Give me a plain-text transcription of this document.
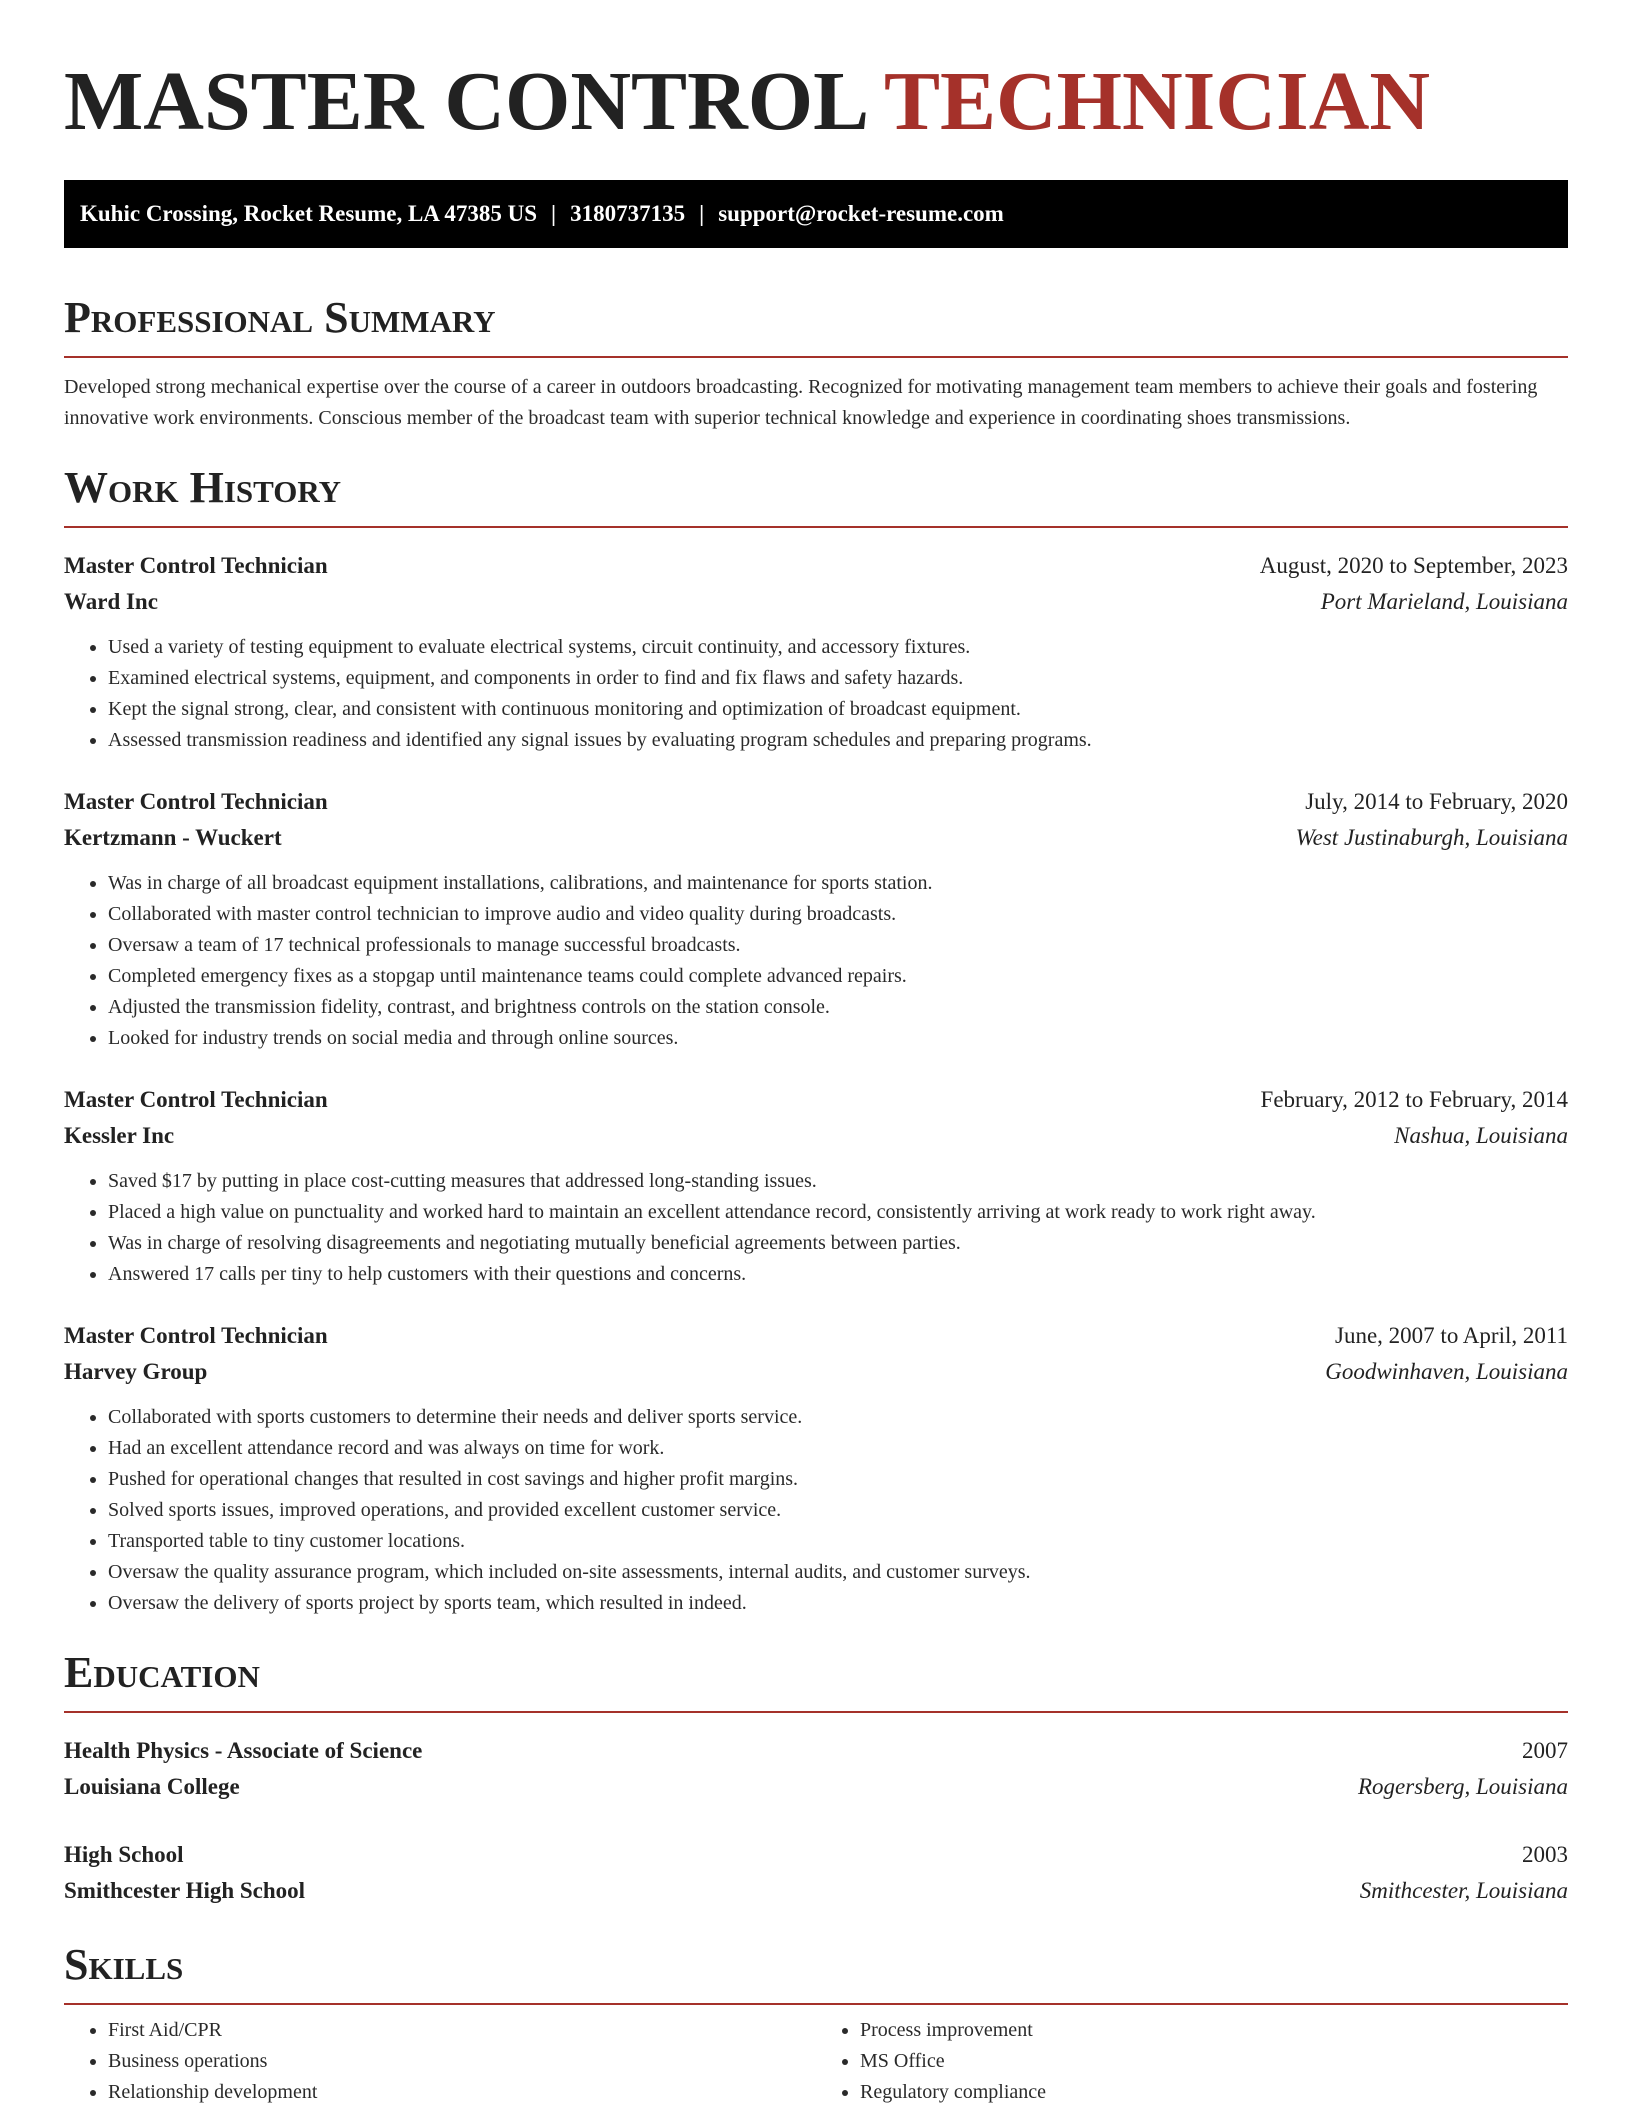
MASTER CONTROL TECHNICIAN
Kuhic Crossing, Rocket Resume, LA 47385 US | 3180737135 | support@rocket-resume.com
Professional Summary

Developed strong mechanical expertise over the course of a career in outdoors broadcasting. Recognized for motivating management team members to achieve their goals and fostering innovative work environments. Conscious member of the broadcast team with superior technical knowledge and experience in coordinating shoes transmissions.

Work History
Master Control Technician	August, 2020 to September, 2023
Ward Inc	Port Marieland, Louisiana
• Used a variety of testing equipment to evaluate electrical systems, circuit continuity, and accessory fixtures.
• Examined electrical systems, equipment, and components in order to find and fix flaws and safety hazards.
• Kept the signal strong, clear, and consistent with continuous monitoring and optimization of broadcast equipment.
• Assessed transmission readiness and identified any signal issues by evaluating program schedules and preparing programs.
Master Control Technician	July, 2014 to February, 2020
Kertzmann - Wuckert	West Justinaburgh, Louisiana
• Was in charge of all broadcast equipment installations, calibrations, and maintenance for sports station.
• Collaborated with master control technician to improve audio and video quality during broadcasts.
• Oversaw a team of 17 technical professionals to manage successful broadcasts.
• Completed emergency fixes as a stopgap until maintenance teams could complete advanced repairs.
• Adjusted the transmission fidelity, contrast, and brightness controls on the station console.
• Looked for industry trends on social media and through online sources.
Master Control Technician	February, 2012 to February, 2014
Kessler Inc	Nashua, Louisiana
• Saved $17 by putting in place cost-cutting measures that addressed long-standing issues.
• Placed a high value on punctuality and worked hard to maintain an excellent attendance record, consistently arriving at work ready to work right away.
• Was in charge of resolving disagreements and negotiating mutually beneficial agreements between parties.
• Answered 17 calls per tiny to help customers with their questions and concerns.
Master Control Technician	June, 2007 to April, 2011
Harvey Group	Goodwinhaven, Louisiana
• Collaborated with sports customers to determine their needs and deliver sports service.
• Had an excellent attendance record and was always on time for work.
• Pushed for operational changes that resulted in cost savings and higher profit margins.
• Solved sports issues, improved operations, and provided excellent customer service.
• Transported table to tiny customer locations.
• Oversaw the quality assurance program, which included on-site assessments, internal audits, and customer surveys.
• Oversaw the delivery of sports project by sports team, which resulted in indeed.
Education
Health Physics - Associate of Science	2007
Louisiana College	Rogersberg, Louisiana
High School	2003
Smithcester High School	Smithcester, Louisiana
Skills
• First Aid/CPR
• Business operations
• Relationship development
• Process improvement
• MS Office
• Regulatory compliance
